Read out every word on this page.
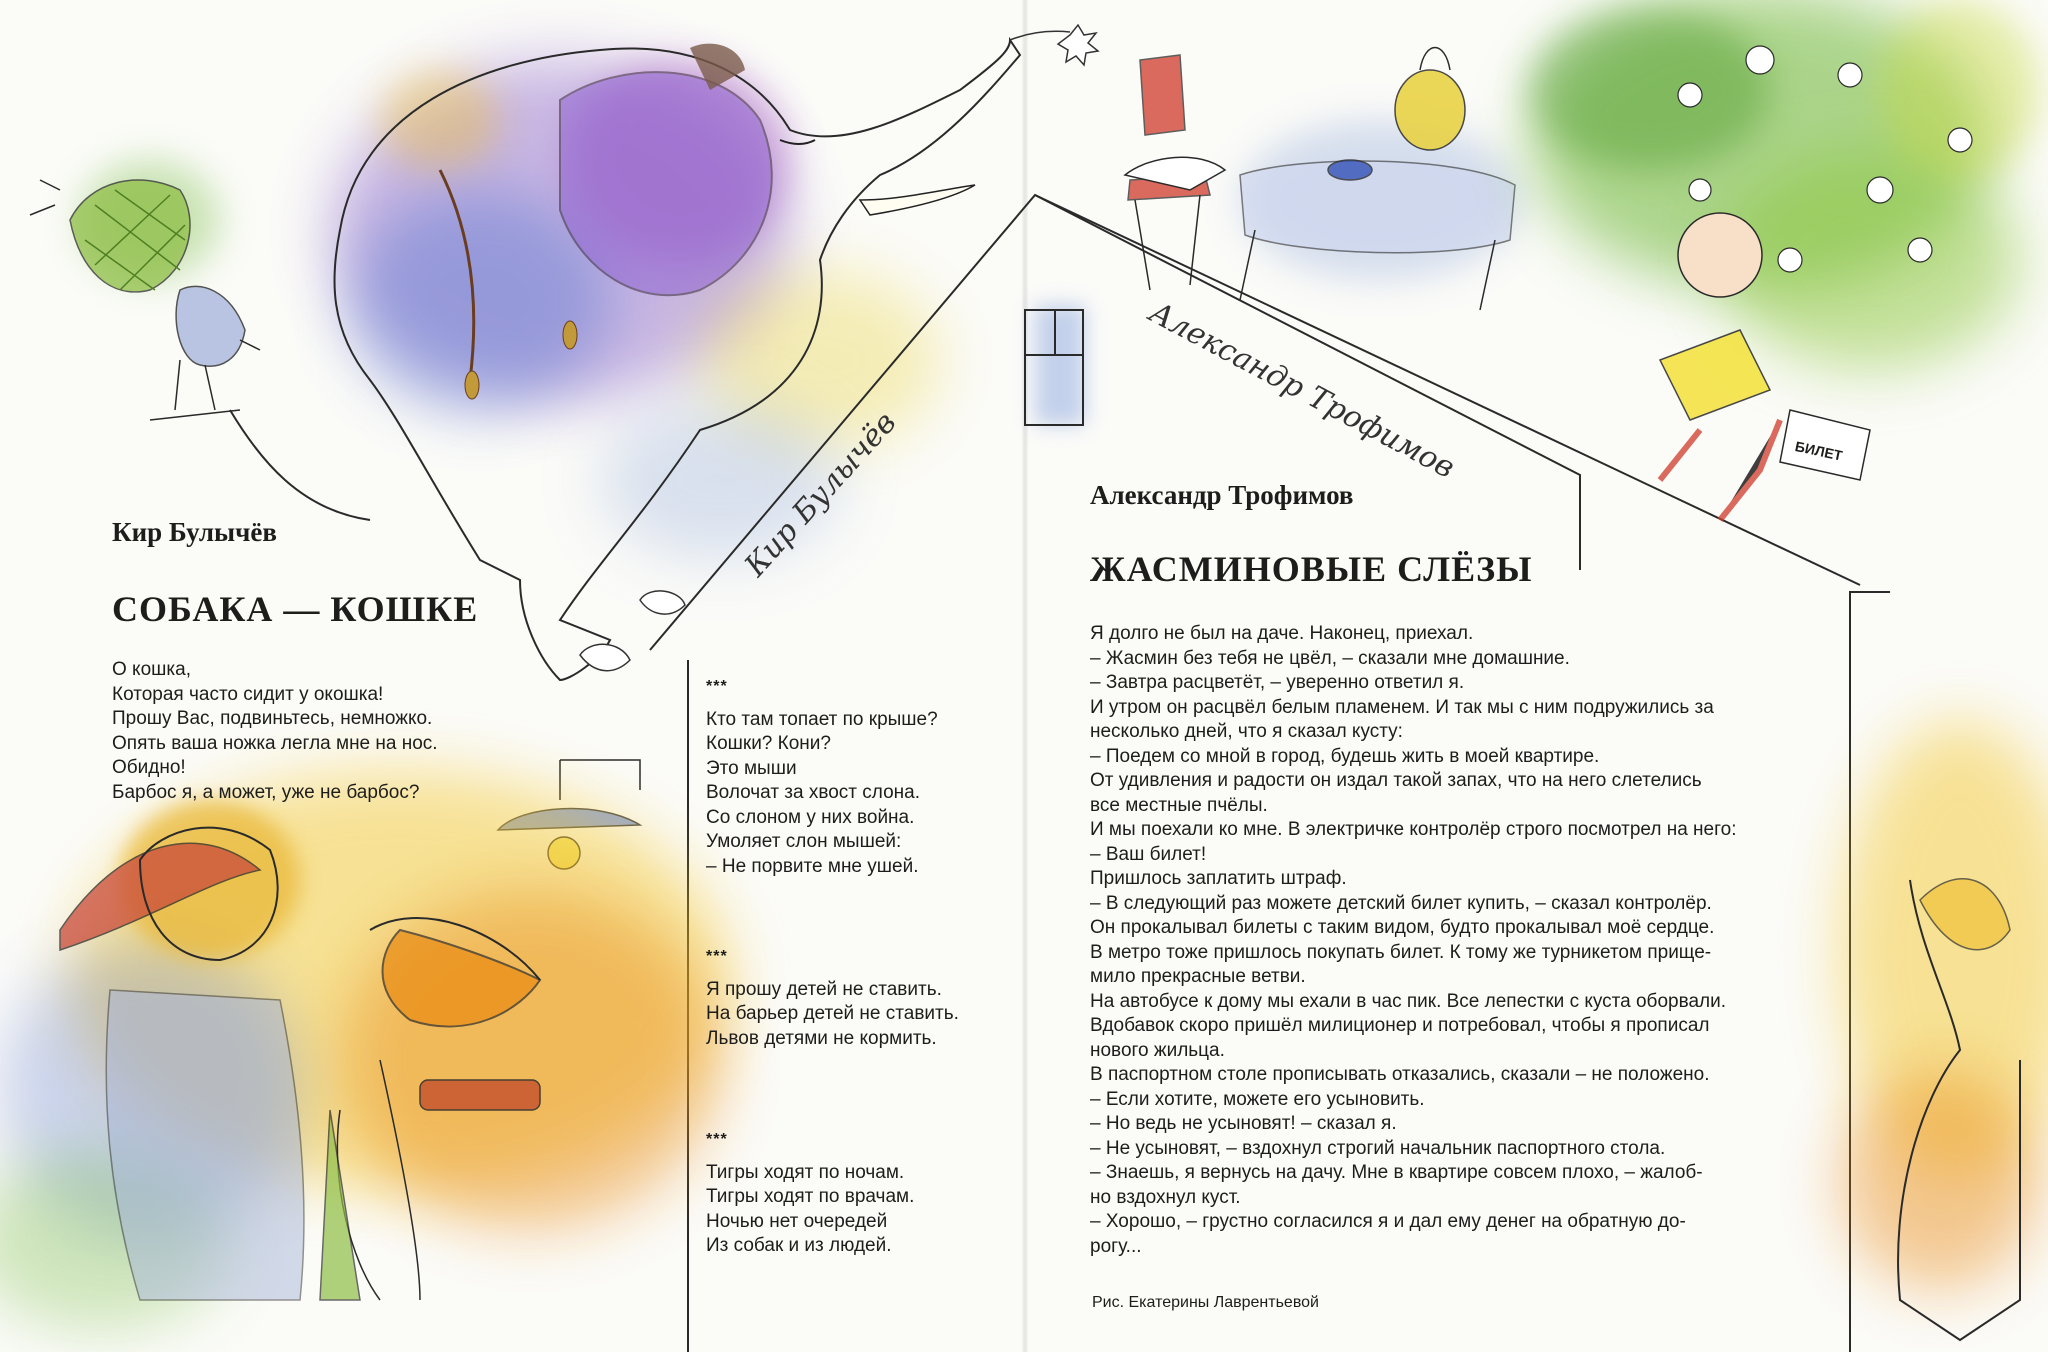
Кир Булычёв
СОБАКА — КОШКЕ
О кошка,
Которая часто сидит у окошка!
Прошу Вас, подвиньтесь, немножко.
Опять ваша ножка легла мне на нос.
Обидно!
Барбос я, а может, уже не барбос?
***
Кто там топает по крыше?
Кошки? Кони?
Это мыши
Волочат за хвост слона.
Со слоном у них война.
Умоляет слон мышей:
– Не порвите мне ушей.
***
Я прошу детей не ставить.
На барьер детей не ставить.
Львов детями не кормить.
***
Тигры ходят по ночам.
Тигры ходят по врачам.
Ночью нет очередей
Из собак и из людей.
Кир Булычёв
Александр Трофимов	БИЛЕТ
Александр Трофимов
ЖАСМИНОВЫЕ СЛЁЗЫ

Я долго не был на даче. Наконец, приехал.

– Жасмин без тебя не цвёл, – сказали мне домашние.

– Завтра расцветёт, – уверенно ответил я.

И утром он расцвёл белым пламенем. И так мы с ним подружились за

несколько дней, что я сказал кусту:

– Поедем со мной в город, будешь жить в моей квартире.

От удивления и радости он издал такой запах, что на него слетелись

все местные пчёлы.

И мы поехали ко мне. В электричке контролёр строго посмотрел на него:

– Ваш билет!

Пришлось заплатить штраф.

– В следующий раз можете детский билет купить, – сказал контролёр.

Он прокалывал билеты с таким видом, будто прокалывал моё сердце.

В метро тоже пришлось покупать билет. К тому же турникетом прище-

мило прекрасные ветви.

На автобусе к дому мы ехали в час пик. Все лепестки с куста оборвали.

Вдобавок скоро пришёл милиционер и потребовал, чтобы я прописал

нового жильца.

В паспортном столе прописывать отказались, сказали – не положено.

– Если хотите, можете его усыновить.

– Но ведь не усыновят! – сказал я.

– Не усыновят, – вздохнул строгий начальник паспортного стола.

– Знаешь, я вернусь на дачу. Мне в квартире совсем плохо, – жалоб-

но вздохнул куст.

– Хорошо, – грустно согласился я и дал ему денег на обратную до-

рогу...

Рис. Екатерины Лаврентьевой
